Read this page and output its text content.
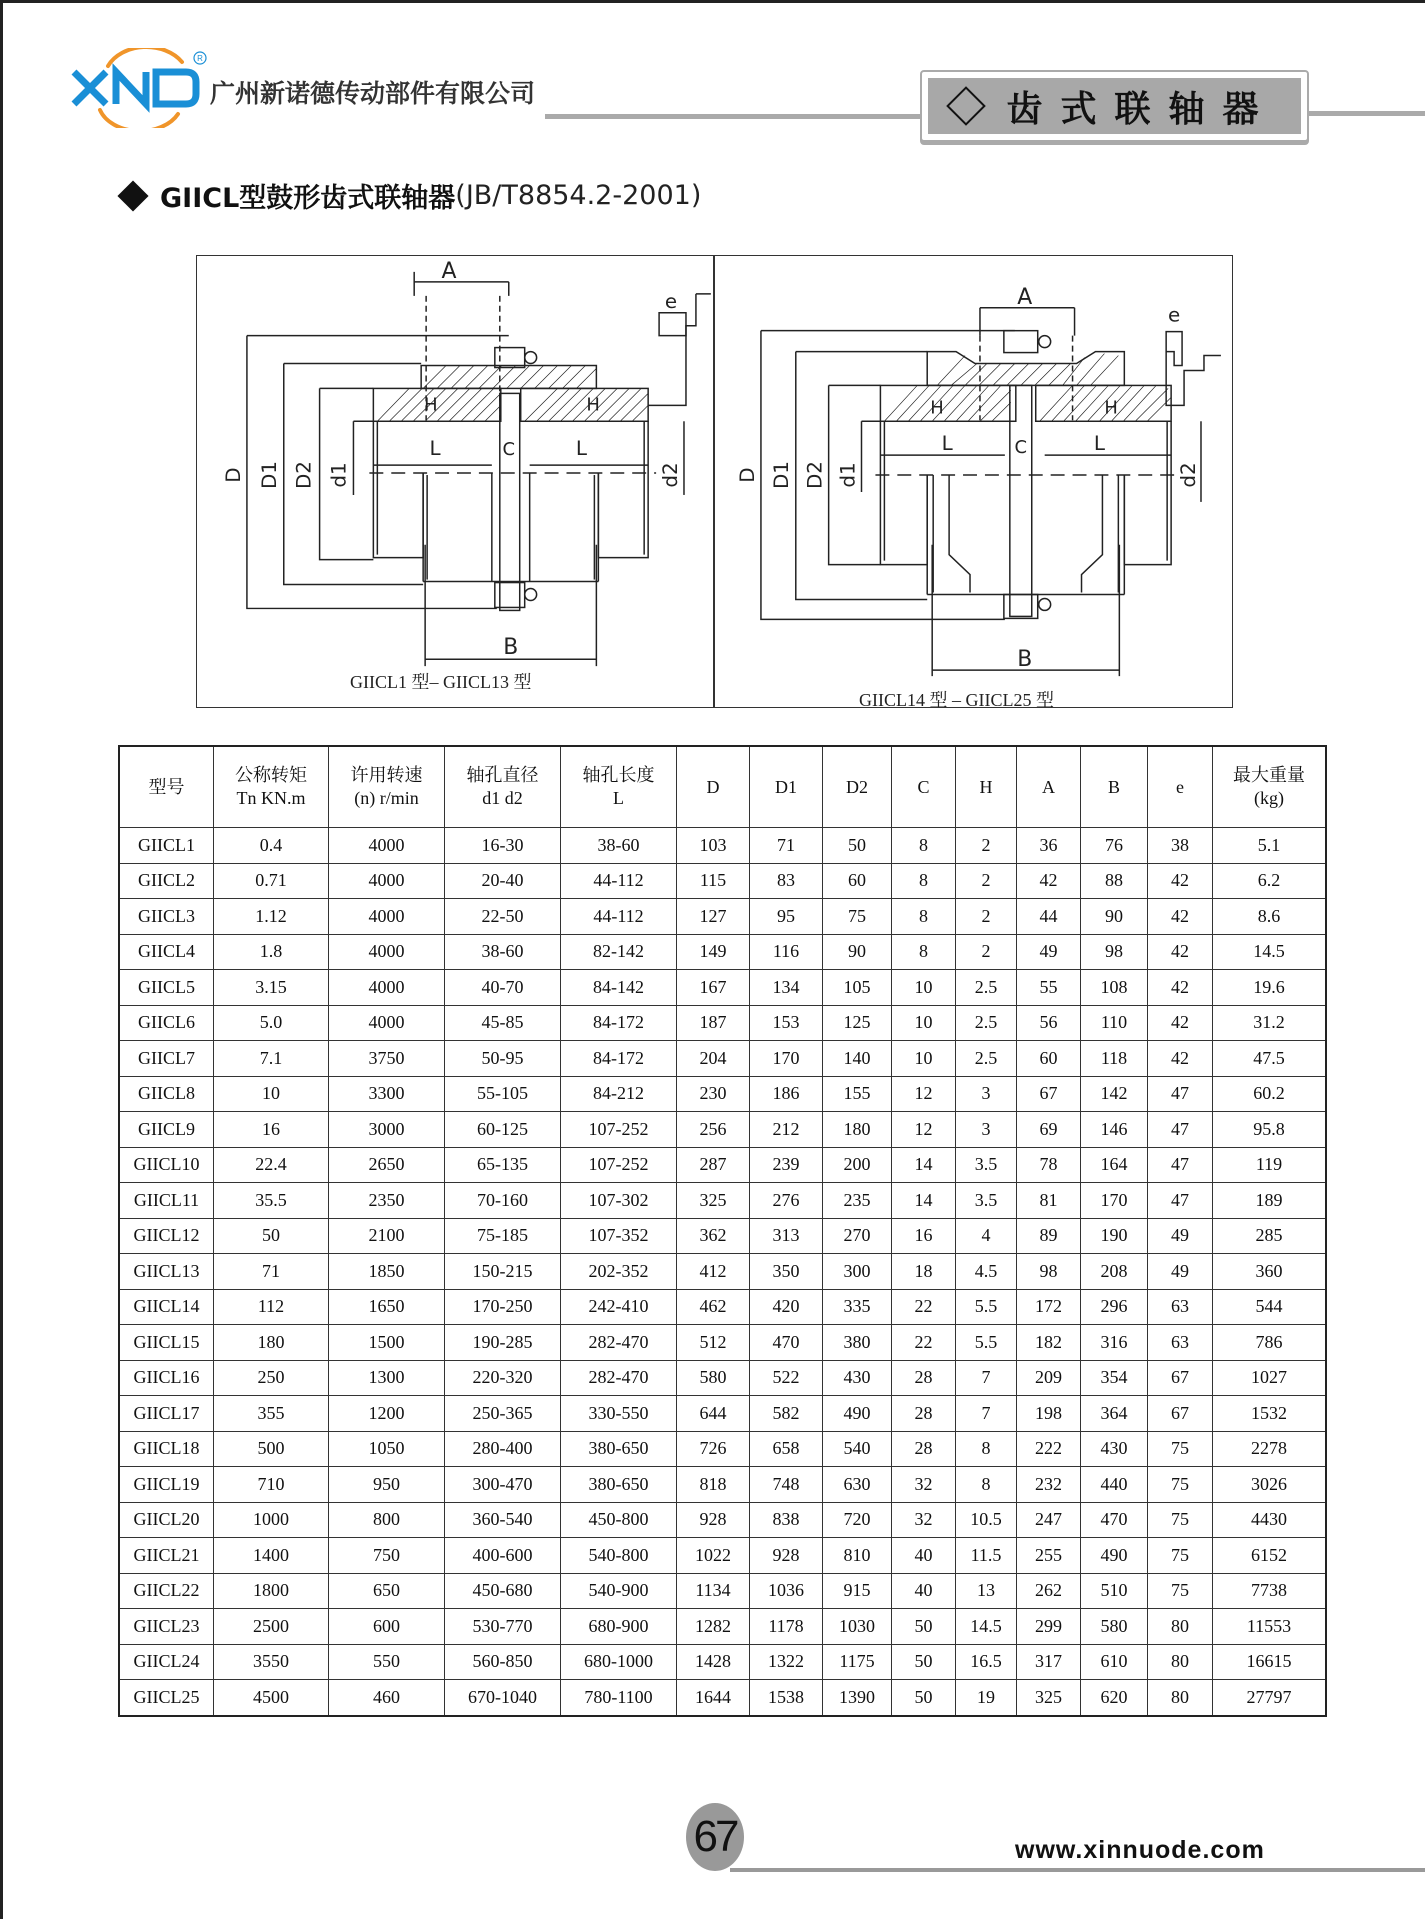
R
广州新诺德传动部件有限公司	齿式联轴器
GIICL型鼓形齿式联轴器 (JB/T8854.2-2001)
A
B
C
L	L
H	H
e
D D1 D2 d1	d2
GIICL1 型– GIICL13 型
A
B
C
L	L
H	H
e
D D1 D2 d1	d2
GIICL14 型 – GIICL25 型
型号

公称转矩
Tn KN.m

许用转速
(n) r/min

轴孔直径
d1 d2

轴孔长度
L

D	D1	D2	C	H	A	B	e

最大重量
(kg)

GIICL1	0.4	4000	16-30	38-60	103	71	50	8	2	36	76	38	5.1
GIICL2	0.71	4000	20-40	44-112	115	83	60	8	2	42	88	42	6.2
GIICL3	1.12	4000	22-50	44-112	127	95	75	8	2	44	90	42	8.6
GIICL4	1.8	4000	38-60	82-142	149	116	90	8	2	49	98	42	14.5
GIICL5	3.15	4000	40-70	84-142	167	134	105	10	2.5	55	108	42	19.6
GIICL6	5.0	4000	45-85	84-172	187	153	125	10	2.5	56	110	42	31.2
GIICL7	7.1	3750	50-95	84-172	204	170	140	10	2.5	60	118	42	47.5
GIICL8	10	3300	55-105	84-212	230	186	155	12	3	67	142	47	60.2
GIICL9	16	3000	60-125	107-252	256	212	180	12	3	69	146	47	95.8
GIICL10	22.4	2650	65-135	107-252	287	239	200	14	3.5	78	164	47	119
GIICL11	35.5	2350	70-160	107-302	325	276	235	14	3.5	81	170	47	189
GIICL12	50	2100	75-185	107-352	362	313	270	16	4	89	190	49	285
GIICL13	71	1850	150-215	202-352	412	350	300	18	4.5	98	208	49	360
GIICL14	112	1650	170-250	242-410	462	420	335	22	5.5	172	296	63	544
GIICL15	180	1500	190-285	282-470	512	470	380	22	5.5	182	316	63	786
GIICL16	250	1300	220-320	282-470	580	522	430	28	7	209	354	67	1027
GIICL17	355	1200	250-365	330-550	644	582	490	28	7	198	364	67	1532
GIICL18	500	1050	280-400	380-650	726	658	540	28	8	222	430	75	2278
GIICL19	710	950	300-470	380-650	818	748	630	32	8	232	440	75	3026
GIICL20	1000	800	360-540	450-800	928	838	720	32	10.5	247	470	75	4430
GIICL21	1400	750	400-600	540-800	1022	928	810	40	11.5	255	490	75	6152
GIICL22	1800	650	450-680	540-900	1134	1036	915	40	13	262	510	75	7738
GIICL23	2500	600	530-770	680-900	1282	1178	1030	50	14.5	299	580	80	11553
GIICL24	3550	550	560-850	680-1000	1428	1322	1175	50	16.5	317	610	80	16615
GIICL25	4500	460	670-1040	780-1100	1644	1538	1390	50	19	325	620	80	27797
67	www.xinnuode.com
